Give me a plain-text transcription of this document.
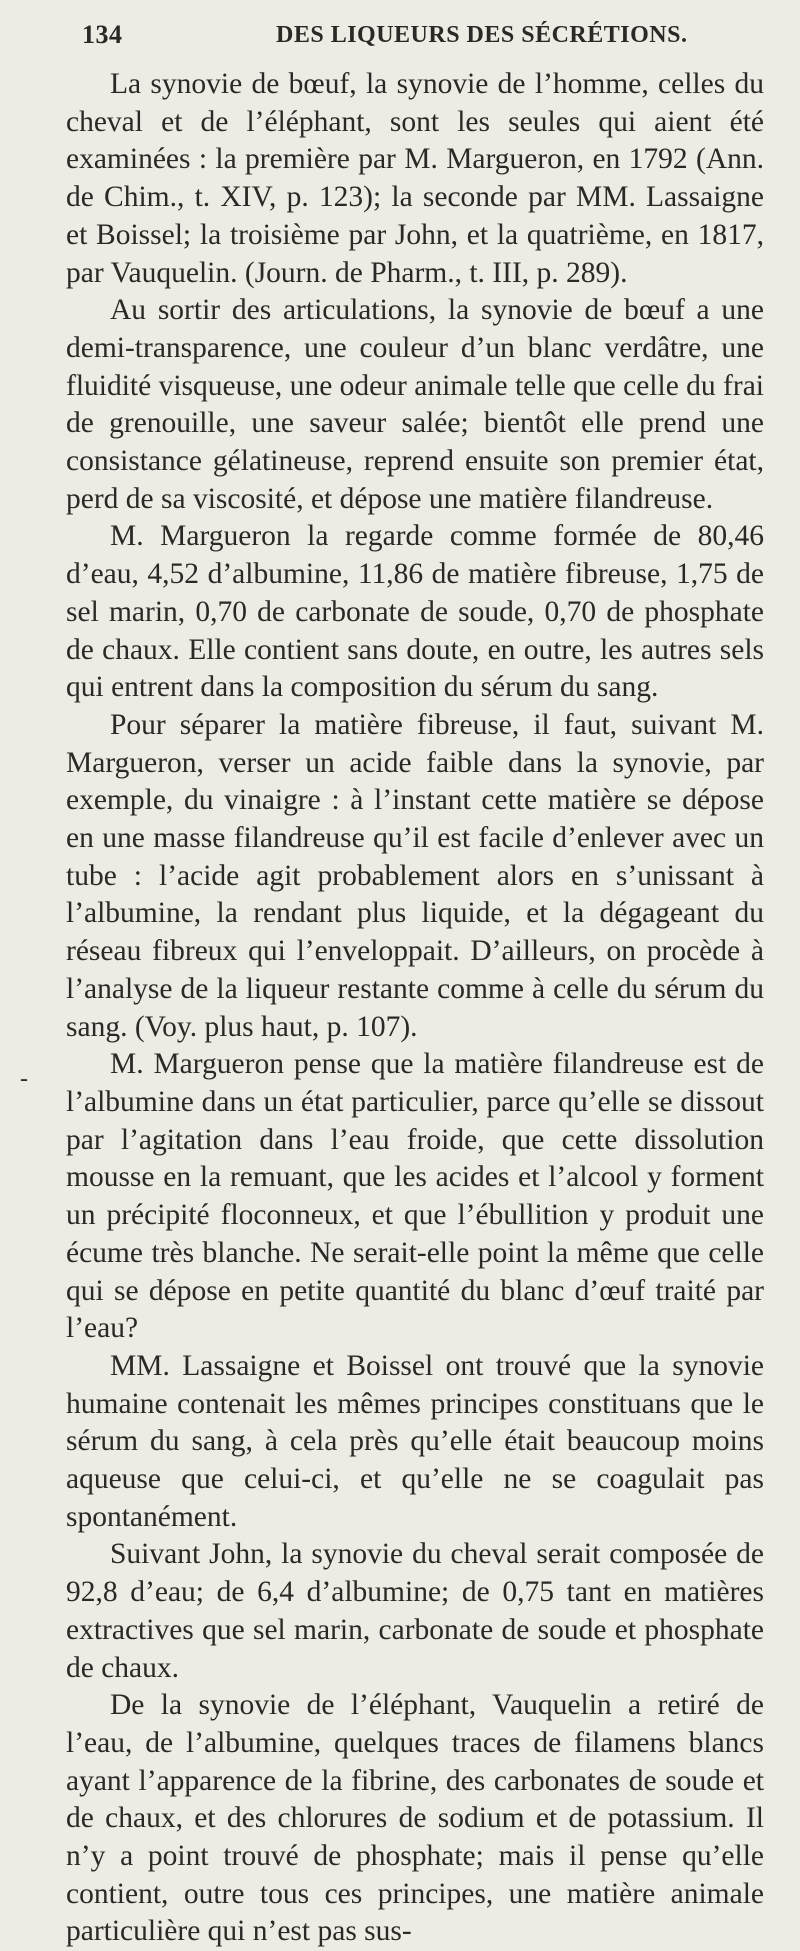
134	DES LIQUEURS DES SÉCRÉTIONS.
-

La synovie de bœuf, la synovie de l’homme, celles du cheval et de l’éléphant, sont les seules qui aient été examinées : la première par M. Margueron, en 1792 (Ann. de Chim., t. XIV, p. 123); la seconde par MM. Lassaigne et Boissel; la troisième par John, et la quatrième, en 1817, par Vauquelin. (Journ. de Pharm., t. III, p. 289).

Au sortir des articulations, la synovie de bœuf a une demi-transparence, une couleur d’un blanc verdâtre, une fluidité visqueuse, une odeur animale telle que celle du frai de grenouille, une saveur salée; bientôt elle prend une consistance gélatineuse, reprend ensuite son premier état, perd de sa viscosité, et dépose une matière filandreuse.

M. Margueron la regarde comme formée de 80,46 d’eau, 4,52 d’albumine, 11,86 de matière fibreuse, 1,75 de sel marin, 0,70 de carbonate de soude, 0,70 de phosphate de chaux. Elle contient sans doute, en outre, les autres sels qui entrent dans la composition du sérum du sang.

Pour séparer la matière fibreuse, il faut, suivant M. Margueron, verser un acide faible dans la synovie, par exemple, du vinaigre : à l’instant cette matière se dépose en une masse filandreuse qu’il est facile d’enlever avec un tube : l’acide agit probablement alors en s’unissant à l’albumine, la rendant plus liquide, et la dégageant du réseau fibreux qui l’enveloppait. D’ailleurs, on procède à l’analyse de la liqueur restante comme à celle du sérum du sang. (Voy. plus haut, p. 107).

M. Margueron pense que la matière filandreuse est de l’albumine dans un état particulier, parce qu’elle se dissout par l’agitation dans l’eau froide, que cette dissolution mousse en la remuant, que les acides et l’alcool y forment un précipité floconneux, et que l’ébullition y produit une écume très blanche. Ne serait-elle point la même que celle qui se dépose en petite quantité du blanc d’œuf traité par l’eau?

MM. Lassaigne et Boissel ont trouvé que la synovie humaine contenait les mêmes principes constituans que le sérum du sang, à cela près qu’elle était beaucoup moins aqueuse que celui-ci, et qu’elle ne se coagulait pas spontanément.

Suivant John, la synovie du cheval serait composée de 92,8 d’eau; de 6,4 d’albumine; de 0,75 tant en matières extractives que sel marin, carbonate de soude et phosphate de chaux.

De la synovie de l’éléphant, Vauquelin a retiré de l’eau, de l’albumine, quelques traces de filamens blancs ayant l’apparence de la fibrine, des carbonates de soude et de chaux, et des chlorures de sodium et de potassium. Il n’y a point trouvé de phosphate; mais il pense qu’elle contient, outre tous ces principes, une matière animale particulière qui n’est pas sus-
